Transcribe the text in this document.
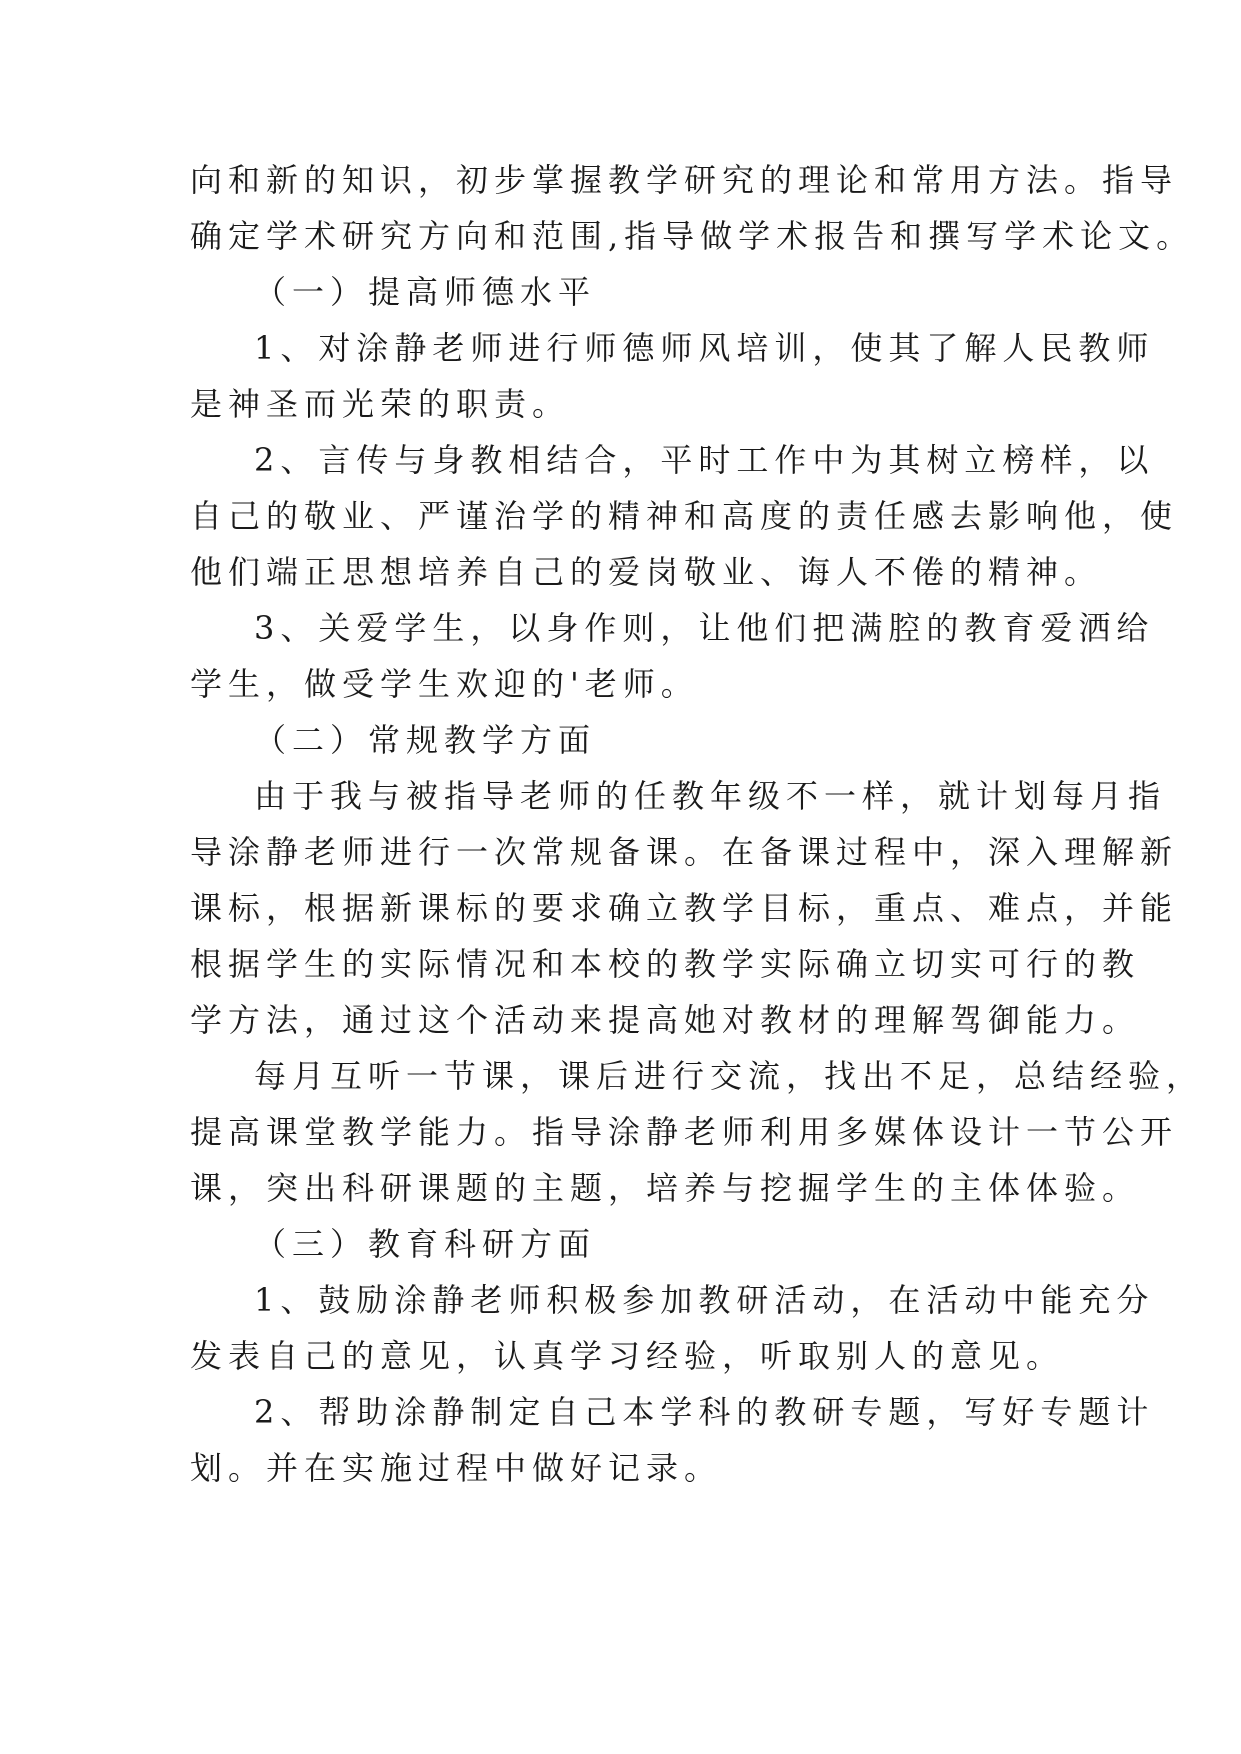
向和新的知识，初步掌握教学研究的理论和常用方法。指导
确定学术研究方向和范围,指导做学术报告和撰写学术论文。
（一）提高师德水平
1、对涂静老师进行师德师风培训，使其了解人民教师
是神圣而光荣的职责。
2、言传与身教相结合，平时工作中为其树立榜样，以
自己的敬业、严谨治学的精神和高度的责任感去影响他，使
他们端正思想培养自己的爱岗敬业、诲人不倦的精神。
3、关爱学生，以身作则，让他们把满腔的教育爱洒给
学生，做受学生欢迎的'老师。
（二）常规教学方面
由于我与被指导老师的任教年级不一样，就计划每月指
导涂静老师进行一次常规备课。在备课过程中，深入理解新
课标，根据新课标的要求确立教学目标，重点、难点，并能
根据学生的实际情况和本校的教学实际确立切实可行的教
学方法，通过这个活动来提高她对教材的理解驾御能力。
每月互听一节课，课后进行交流，找出不足，总结经验，
提高课堂教学能力。指导涂静老师利用多媒体设计一节公开
课，突出科研课题的主题，培养与挖掘学生的主体体验。
（三）教育科研方面
1、鼓励涂静老师积极参加教研活动，在活动中能充分
发表自己的意见，认真学习经验，听取别人的意见。
2、帮助涂静制定自己本学科的教研专题，写好专题计
划。并在实施过程中做好记录。
